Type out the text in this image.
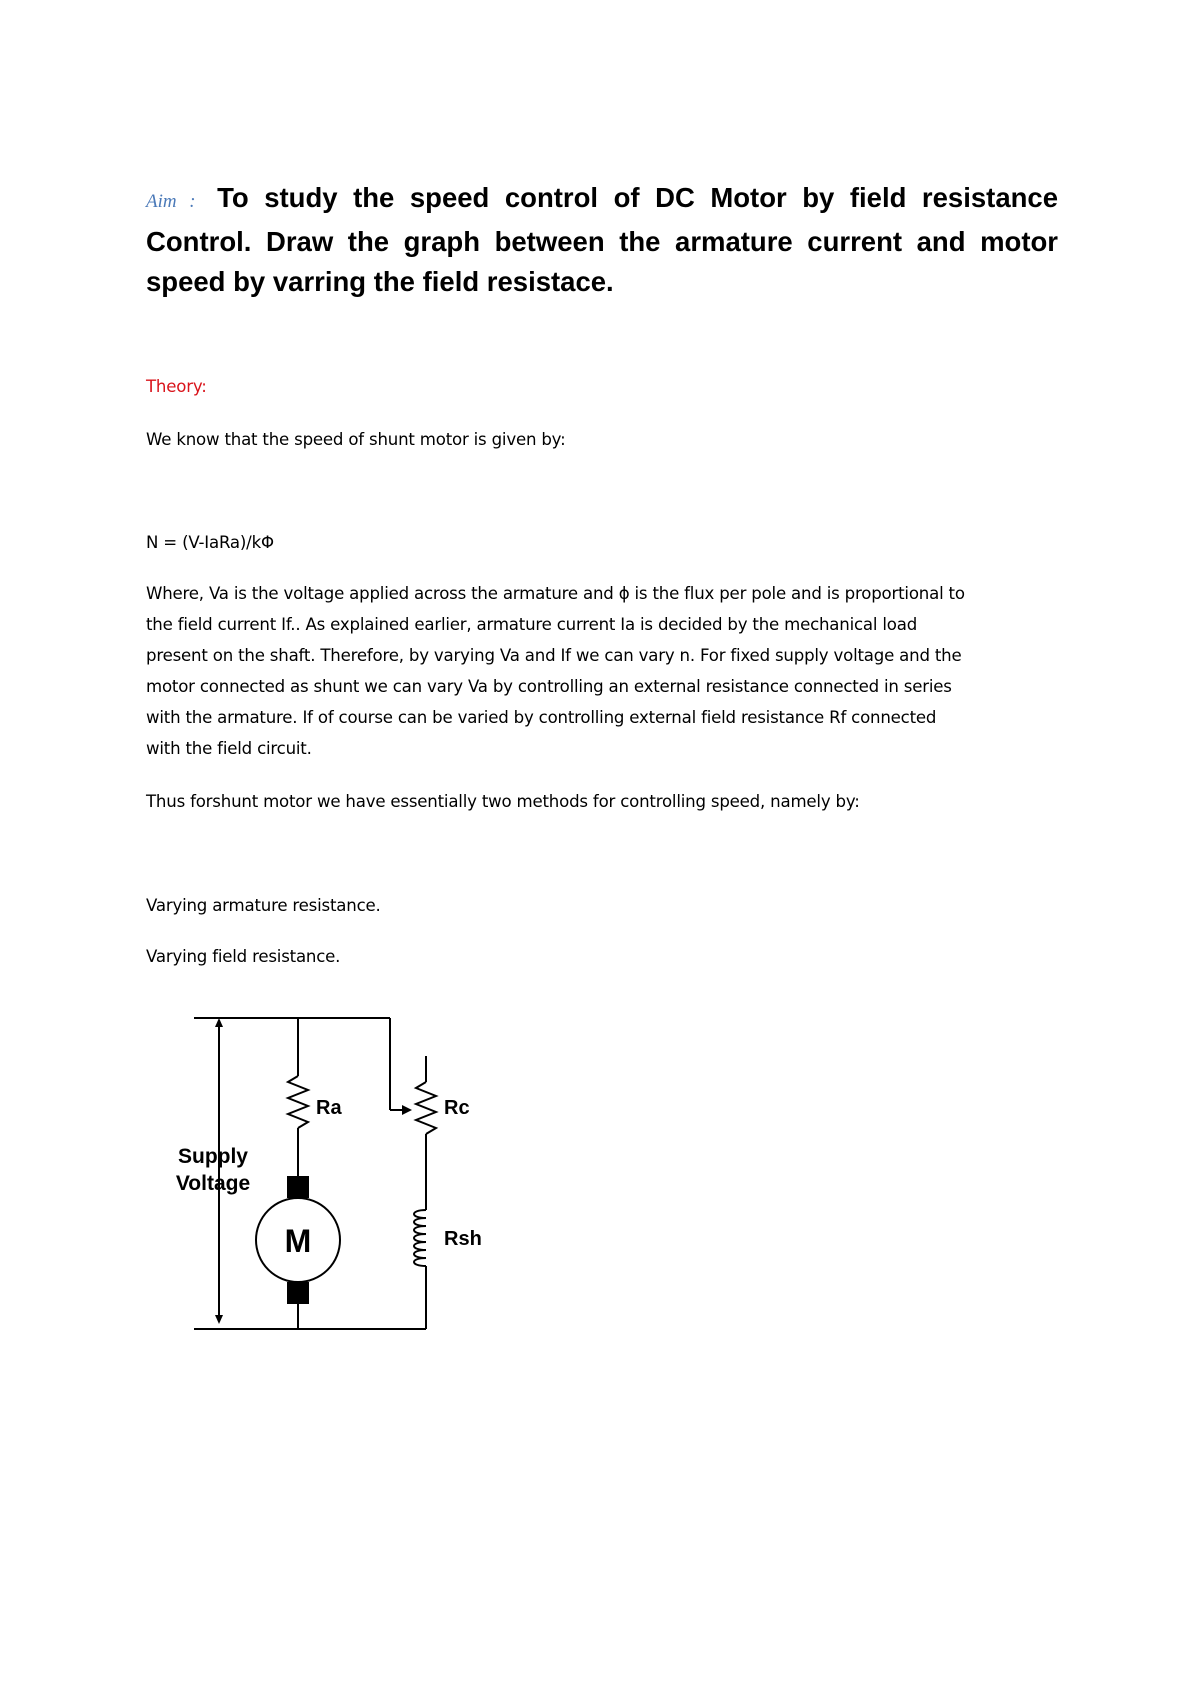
Aim : To study the speed control of DC Motor by field resistance Control. Draw the graph between the armature current and motor speed by varring the field resistace.

Theory:

We know that the speed of shunt motor is given by:

N = (V-IaRa)/kΦ

Where, Va is the voltage applied across the armature and ϕ is the flux per pole and is proportional to
the field current If.. As explained earlier, armature current Ia is decided by the mechanical load
present on the shaft. Therefore, by varying Va and If we can vary n. For fixed supply voltage and the
motor connected as shunt we can vary Va by controlling an external resistance connected in series
with the armature. If of course can be varied by controlling external field resistance Rf connected
with the field circuit.

Thus forshunt motor we have essentially two methods for controlling speed, namely by:

Varying armature resistance.

Varying field resistance.

Ra	Rc
Rsh
M
Supply
Voltage
